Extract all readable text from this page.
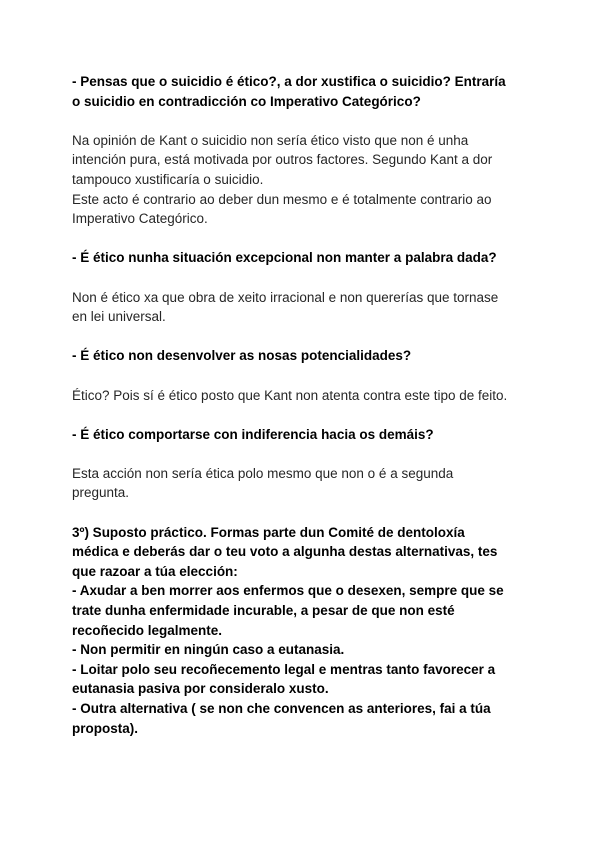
- Pensas que o suicidio é ético?, a dor xustifica o suicidio? Entraría
o suicidio en contradicción co Imperativo Categórico?

Na opinión de Kant o suicidio non sería ético visto que non é unha
intención pura, está motivada por outros factores. Segundo Kant a dor
tampouco xustificaría o suicidio.
Este acto é contrario ao deber dun mesmo e é totalmente contrario ao
Imperativo Categórico.

- É ético nunha situación excepcional non manter a palabra dada?

Non é ético xa que obra de xeito irracional e non quererías que tornase
en lei universal.

- É ético non desenvolver as nosas potencialidades?

Ético? Pois sí é ético posto que Kant non atenta contra este tipo de feito.

- É ético comportarse con indiferencia hacia os demáis?

Esta acción non sería ética polo mesmo que non o é a segunda
pregunta.

3º) Suposto práctico. Formas parte dun Comité de dentoloxía
médica e deberás dar o teu voto a algunha destas alternativas, tes
que razoar a túa elección:
- Axudar a ben morrer aos enfermos que o desexen, sempre que se
trate dunha enfermidade incurable, a pesar de que non esté
recoñecido legalmente.
- Non permitir en ningún caso a eutanasia.
- Loitar polo seu recoñecemento legal e mentras tanto favorecer a
eutanasia pasiva por consideralo xusto.
- Outra alternativa ( se non che convencen as anteriores, fai a túa
proposta).
